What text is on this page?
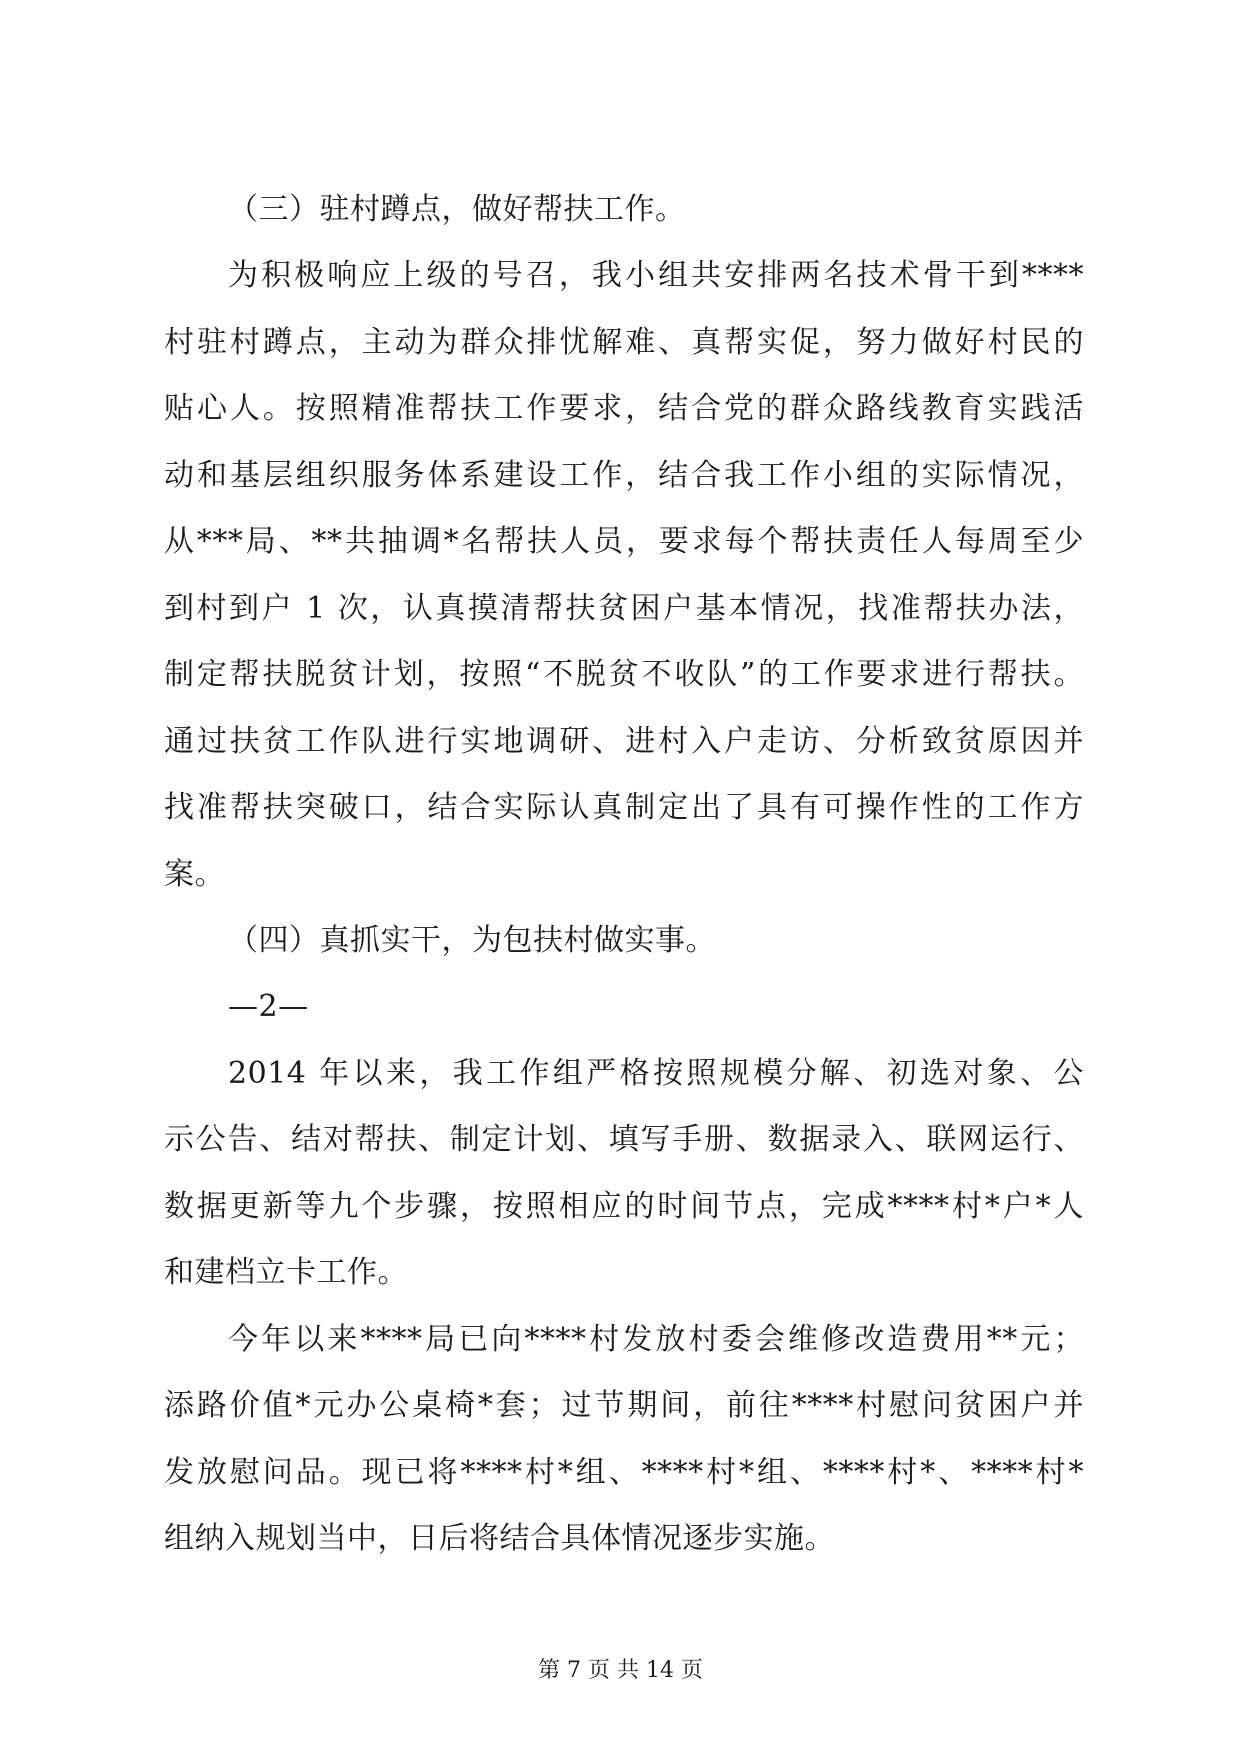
（三）驻村蹲点，做好帮扶工作。
为积极响应上级的号召，我小组共安排两名技术骨干到****
村驻村蹲点，主动为群众排忧解难、真帮实促，努力做好村民的
贴心人。按照精准帮扶工作要求，结合党的群众路线教育实践活
动和基层组织服务体系建设工作，结合我工作小组的实际情况，
从***局、**共抽调*名帮扶人员，要求每个帮扶责任人每周至少
到村到户 1 次，认真摸清帮扶贫困户基本情况，找准帮扶办法，
制定帮扶脱贫计划，按照“不脱贫不收队”的工作要求进行帮扶。
通过扶贫工作队进行实地调研、进村入户走访、分析致贫原因并
找准帮扶突破口，结合实际认真制定出了具有可操作性的工作方
案。
（四）真抓实干，为包扶村做实事。
—2—
2014 年以来，我工作组严格按照规模分解、初选对象、公
示公告、结对帮扶、制定计划、填写手册、数据录入、联网运行、
数据更新等九个步骤，按照相应的时间节点，完成****村*户*人
和建档立卡工作。
今年以来****局已向****村发放村委会维修改造费用**元；
添路价值*元办公桌椅*套；过节期间，前往****村慰问贫困户并
发放慰问品。现已将****村*组、****村*组、****村*、****村*
组纳入规划当中，日后将结合具体情况逐步实施。
第 7 页 共 14 页
